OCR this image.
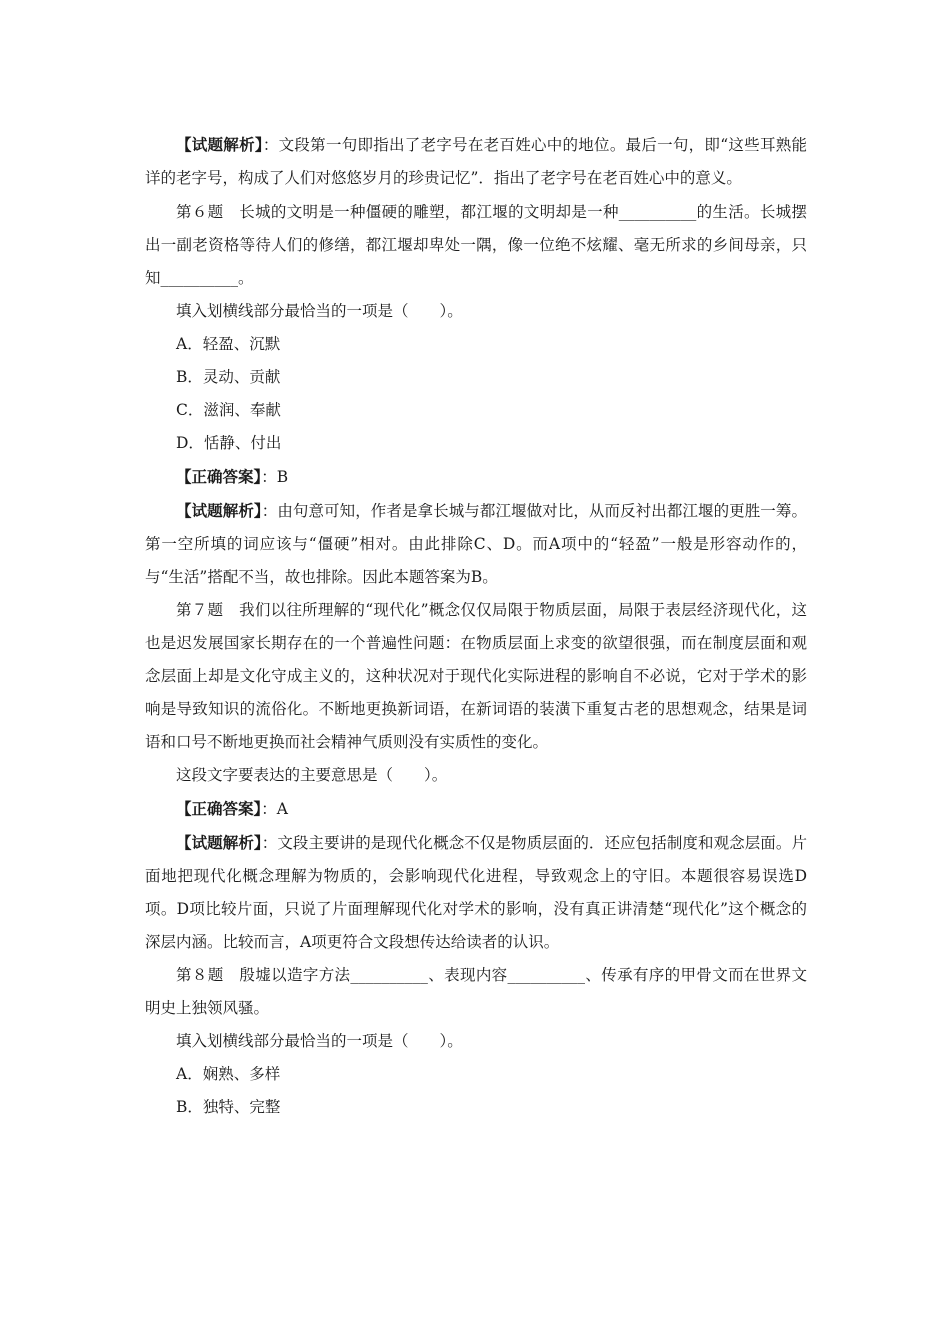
【试题解析】：文段第一句即指出了老字号在老百姓心中的地位。最后一句，即“这些耳熟能详的老字号，构成了人们对悠悠岁月的珍贵记忆”．指出了老字号在老百姓心中的意义。

第６题　长城的文明是一种僵硬的雕塑，都江堰的文明却是一种__________的生活。长城摆出一副老资格等待人们的修缮，都江堰却卑处一隅，像一位绝不炫耀、毫无所求的乡间母亲，只知__________。

填入划横线部分最恰当的一项是（　　）。

A．轻盈、沉默

B．灵动、贡献

C．滋润、奉献

D．恬静、付出

【正确答案】：B

【试题解析】：由句意可知，作者是拿长城与都江堰做对比，从而反衬出都江堰的更胜一筹。第一空所填的词应该与“僵硬”相对。由此排除C、D。而A项中的“轻盈”一般是形容动作的，与“生活”搭配不当，故也排除。因此本题答案为B。

第７题　我们以往所理解的“现代化”概念仅仅局限于物质层面，局限于表层经济现代化，这也是迟发展国家长期存在的一个普遍性问题：在物质层面上求变的欲望很强，而在制度层面和观念层面上却是文化守成主义的，这种状况对于现代化实际进程的影响自不必说，它对于学术的影响是导致知识的流俗化。不断地更换新词语，在新词语的装潢下重复古老的思想观念，结果是词语和口号不断地更换而社会精神气质则没有实质性的变化。

这段文字要表达的主要意思是（　　）。

【正确答案】：A

【试题解析】：文段主要讲的是现代化概念不仅是物质层面的．还应包括制度和观念层面。片面地把现代化概念理解为物质的，会影响现代化进程，导致观念上的守旧。本题很容易误选D项。D项比较片面，只说了片面理解现代化对学术的影响，没有真正讲清楚“现代化”这个概念的深层内涵。比较而言，A项更符合文段想传达给读者的认识。

第８题　殷墟以造字方法__________、表现内容__________、传承有序的甲骨文而在世界文明史上独领风骚。

填入划横线部分最恰当的一项是（　　）。

A．娴熟、多样

B．独特、完整
